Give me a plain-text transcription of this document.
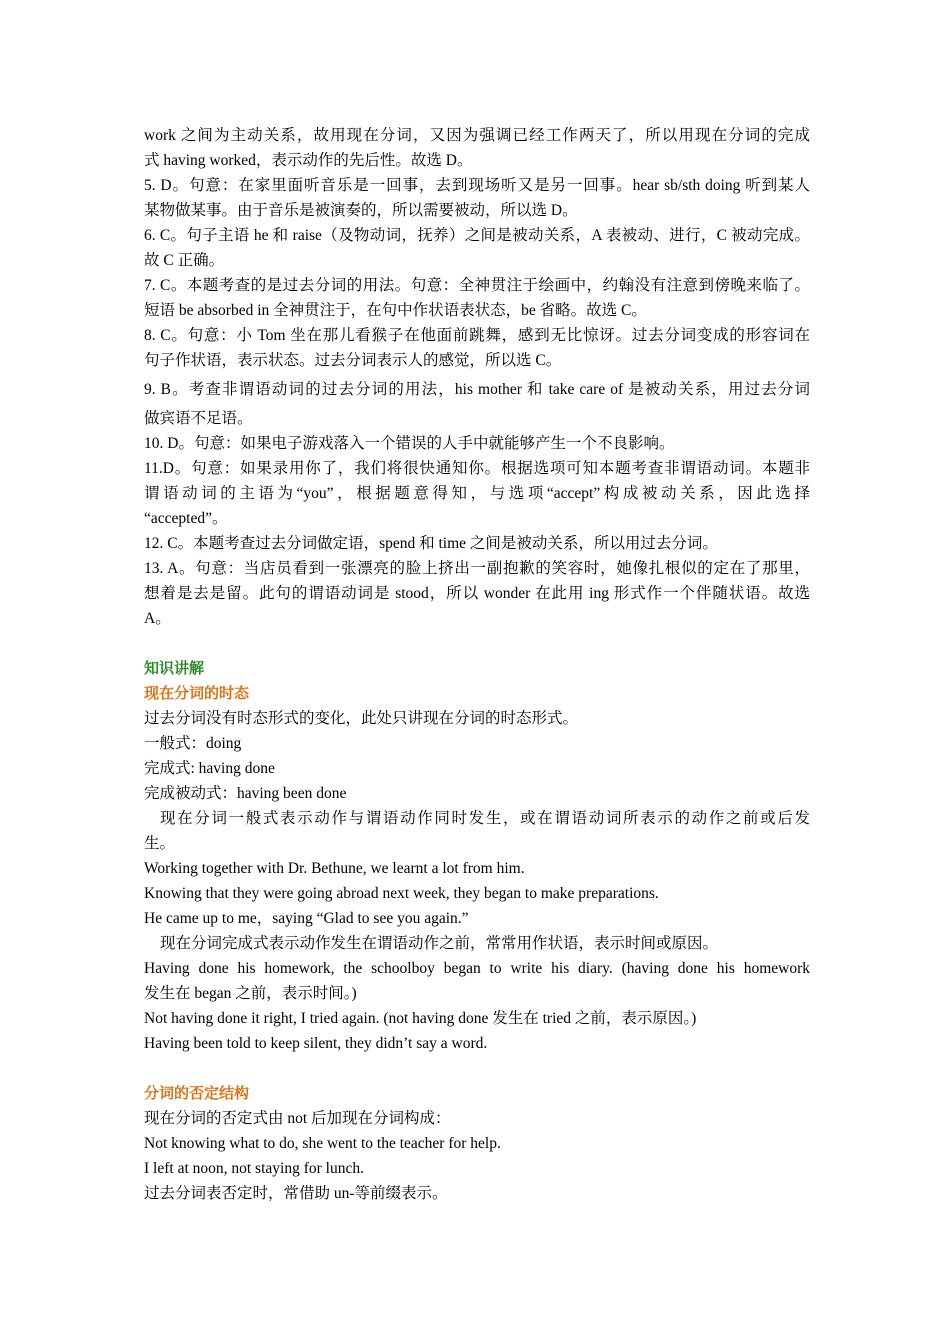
work 之间为主动关系，故用现在分词，又因为强调已经工作两天了，所以用现在分词的完成
式 having worked，表示动作的先后性。故选 D。
5. D。句意：在家里面听音乐是一回事，去到现场听又是另一回事。hear sb/sth doing 听到某人
某物做某事。由于音乐是被演奏的，所以需要被动，所以选 D。
6. C。句子主语 he 和 raise（及物动词，抚养）之间是被动关系，A 表被动、进行，C 被动完成。
故 C 正确。
7. C。本题考查的是过去分词的用法。句意：全神贯注于绘画中，约翰没有注意到傍晚来临了。
短语 be absorbed in 全神贯注于，在句中作状语表状态，be 省略。故选 C。
8. C。句意：小 Tom 坐在那儿看猴子在他面前跳舞，感到无比惊讶。过去分词变成的形容词在
句子作状语，表示状态。过去分词表示人的感觉，所以选 C。
9. B。考查非谓语动词的过去分词的用法，his mother 和 take care of 是被动关系，用过去分词
做宾语不足语。
10. D。句意：如果电子游戏落入一个错误的人手中就能够产生一个不良影响。
11.D。句意：如果录用你了，我们将很快通知你。根据选项可知本题考查非谓语动词。本题非
谓语动词的主语为“you”，根据题意得知，与选项“accept”构成被动关系，因此选择
“accepted”。
12. C。本题考查过去分词做定语，spend 和 time 之间是被动关系，所以用过去分词。
13. A。句意：当店员看到一张漂亮的脸上挤出一副抱歉的笑容时，她像扎根似的定在了那里，
想着是去是留。此句的谓语动词是 stood，所以 wonder 在此用 ing 形式作一个伴随状语。故选
A。
知识讲解
现在分词的时态
过去分词没有时态形式的变化，此处只讲现在分词的时态形式。
一般式：doing
完成式: having done
完成被动式：having been done
现在分词一般式表示动作与谓语动作同时发生，或在谓语动词所表示的动作之前或后发
生。
Working together with Dr. Bethune, we learnt a lot from him.
Knowing that they were going abroad next week, they began to make preparations.
He came up to me，saying “Glad to see you again.”
现在分词完成式表示动作发生在谓语动作之前，常常用作状语，表示时间或原因。
Having done his homework, the schoolboy began to write his diary. (having done his homework
发生在 began 之前，表示时间。)
Not having done it right, I tried again. (not having done 发生在 tried 之前，表示原因。)
Having been told to keep silent, they didn’t say a word.
分词的否定结构
现在分词的否定式由 not 后加现在分词构成：
Not knowing what to do, she went to the teacher for help.
I left at noon, not staying for lunch.
过去分词表否定时，常借助 un-等前缀表示。
